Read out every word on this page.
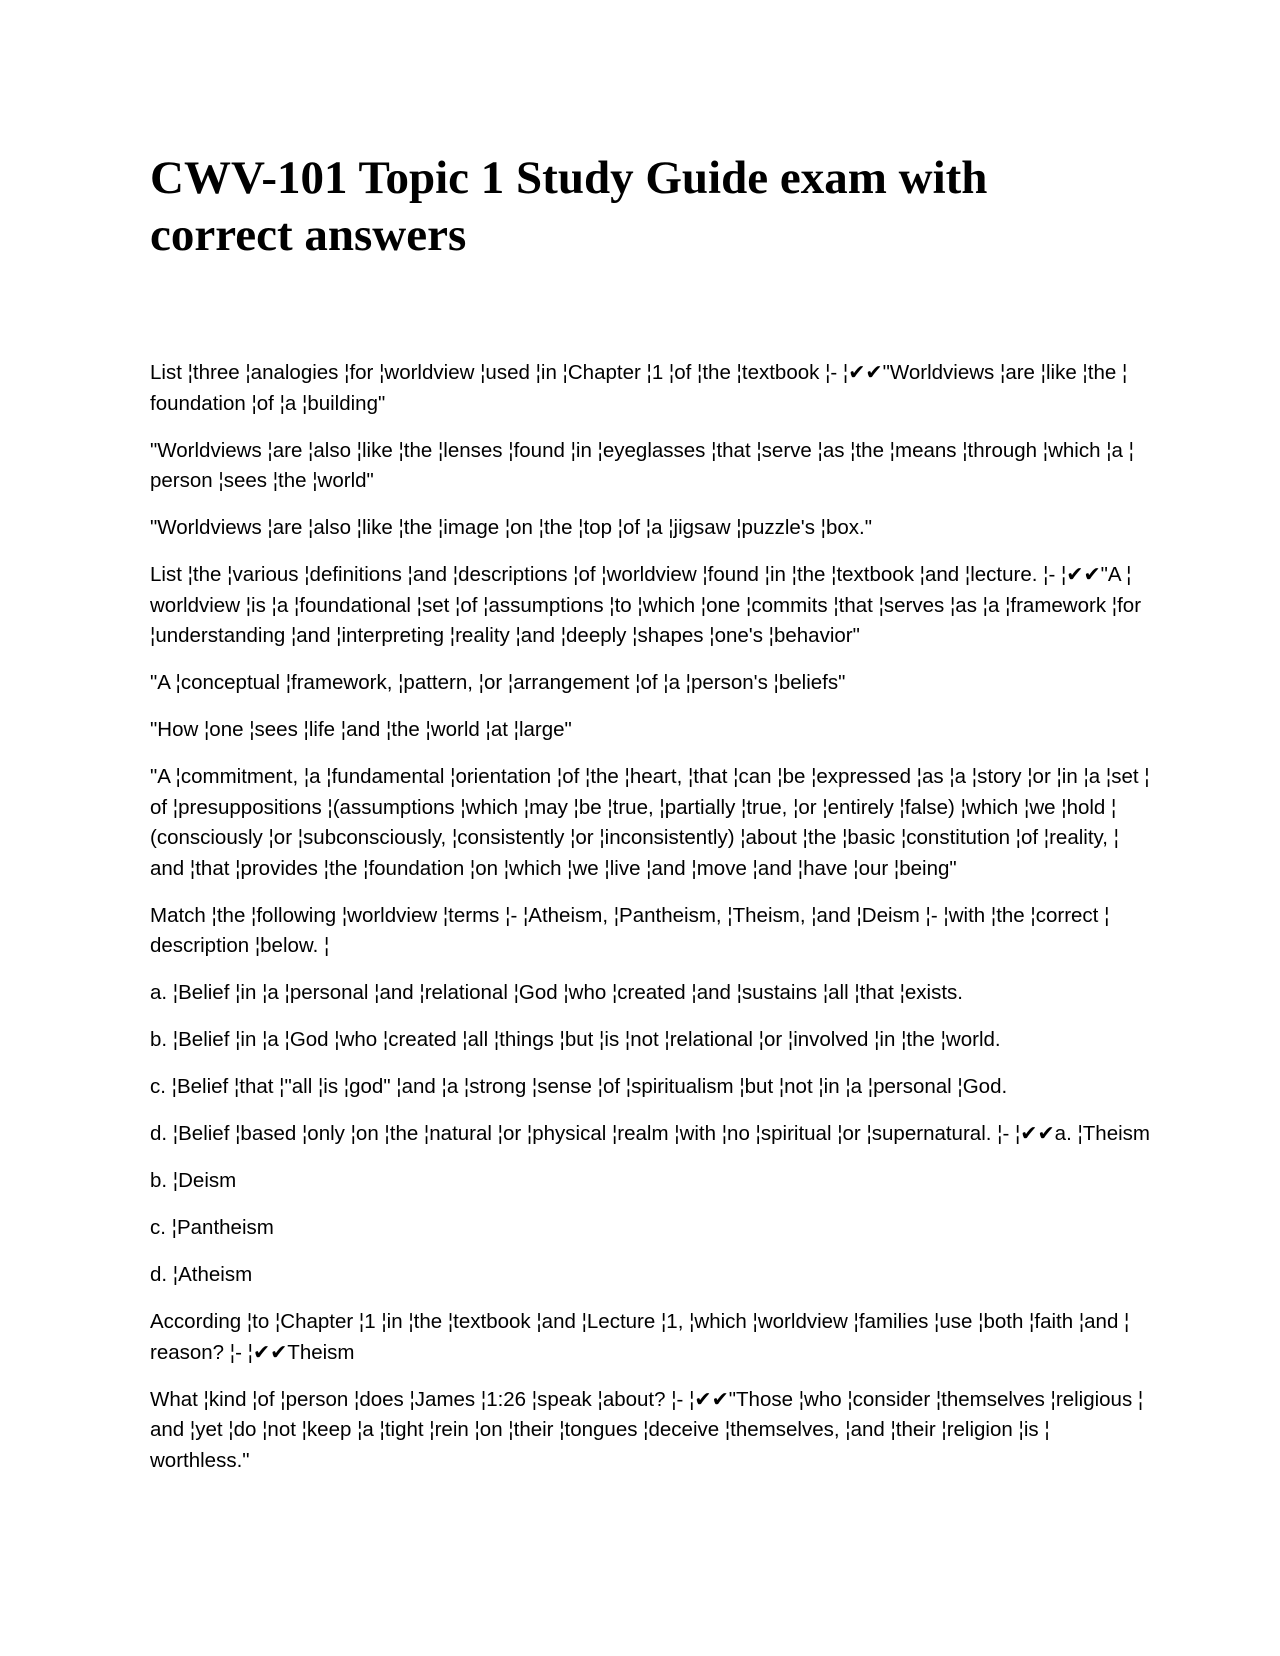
CWV-101 Topic 1 Study Guide exam with correct answers

List ¦three ¦analogies ¦for ¦worldview ¦used ¦in ¦Chapter ¦1 ¦of ¦the ¦textbook ¦- ¦✔✔"Worldviews ¦are ¦like ¦the ¦
foundation ¦of ¦a ¦building"

"Worldviews ¦are ¦also ¦like ¦the ¦lenses ¦found ¦in ¦eyeglasses ¦that ¦serve ¦as ¦the ¦means ¦through ¦which ¦a ¦
person ¦sees ¦the ¦world"

"Worldviews ¦are ¦also ¦like ¦the ¦image ¦on ¦the ¦top ¦of ¦a ¦jigsaw ¦puzzle's ¦box."

List ¦the ¦various ¦definitions ¦and ¦descriptions ¦of ¦worldview ¦found ¦in ¦the ¦textbook ¦and ¦lecture. ¦- ¦✔✔"A ¦
worldview ¦is ¦a ¦foundational ¦set ¦of ¦assumptions ¦to ¦which ¦one ¦commits ¦that ¦serves ¦as ¦a ¦framework ¦for
¦understanding ¦and ¦interpreting ¦reality ¦and ¦deeply ¦shapes ¦one's ¦behavior"

"A ¦conceptual ¦framework, ¦pattern, ¦or ¦arrangement ¦of ¦a ¦person's ¦beliefs"

"How ¦one ¦sees ¦life ¦and ¦the ¦world ¦at ¦large"

"A ¦commitment, ¦a ¦fundamental ¦orientation ¦of ¦the ¦heart, ¦that ¦can ¦be ¦expressed ¦as ¦a ¦story ¦or ¦in ¦a ¦set ¦
of ¦presuppositions ¦(assumptions ¦which ¦may ¦be ¦true, ¦partially ¦true, ¦or ¦entirely ¦false) ¦which ¦we ¦hold ¦
(consciously ¦or ¦subconsciously, ¦consistently ¦or ¦inconsistently) ¦about ¦the ¦basic ¦constitution ¦of ¦reality, ¦
and ¦that ¦provides ¦the ¦foundation ¦on ¦which ¦we ¦live ¦and ¦move ¦and ¦have ¦our ¦being"

Match ¦the ¦following ¦worldview ¦terms ¦- ¦Atheism, ¦Pantheism, ¦Theism, ¦and ¦Deism ¦- ¦with ¦the ¦correct ¦
description ¦below. ¦

a. ¦Belief ¦in ¦a ¦personal ¦and ¦relational ¦God ¦who ¦created ¦and ¦sustains ¦all ¦that ¦exists.

b. ¦Belief ¦in ¦a ¦God ¦who ¦created ¦all ¦things ¦but ¦is ¦not ¦relational ¦or ¦involved ¦in ¦the ¦world.

c. ¦Belief ¦that ¦"all ¦is ¦god" ¦and ¦a ¦strong ¦sense ¦of ¦spiritualism ¦but ¦not ¦in ¦a ¦personal ¦God.

d. ¦Belief ¦based ¦only ¦on ¦the ¦natural ¦or ¦physical ¦realm ¦with ¦no ¦spiritual ¦or ¦supernatural. ¦- ¦✔✔a. ¦Theism

b. ¦Deism

c. ¦Pantheism

d. ¦Atheism

According ¦to ¦Chapter ¦1 ¦in ¦the ¦textbook ¦and ¦Lecture ¦1, ¦which ¦worldview ¦families ¦use ¦both ¦faith ¦and ¦
reason? ¦- ¦✔✔Theism

What ¦kind ¦of ¦person ¦does ¦James ¦1:26 ¦speak ¦about? ¦- ¦✔✔"Those ¦who ¦consider ¦themselves ¦religious ¦
and ¦yet ¦do ¦not ¦keep ¦a ¦tight ¦rein ¦on ¦their ¦tongues ¦deceive ¦themselves, ¦and ¦their ¦religion ¦is ¦
worthless."
